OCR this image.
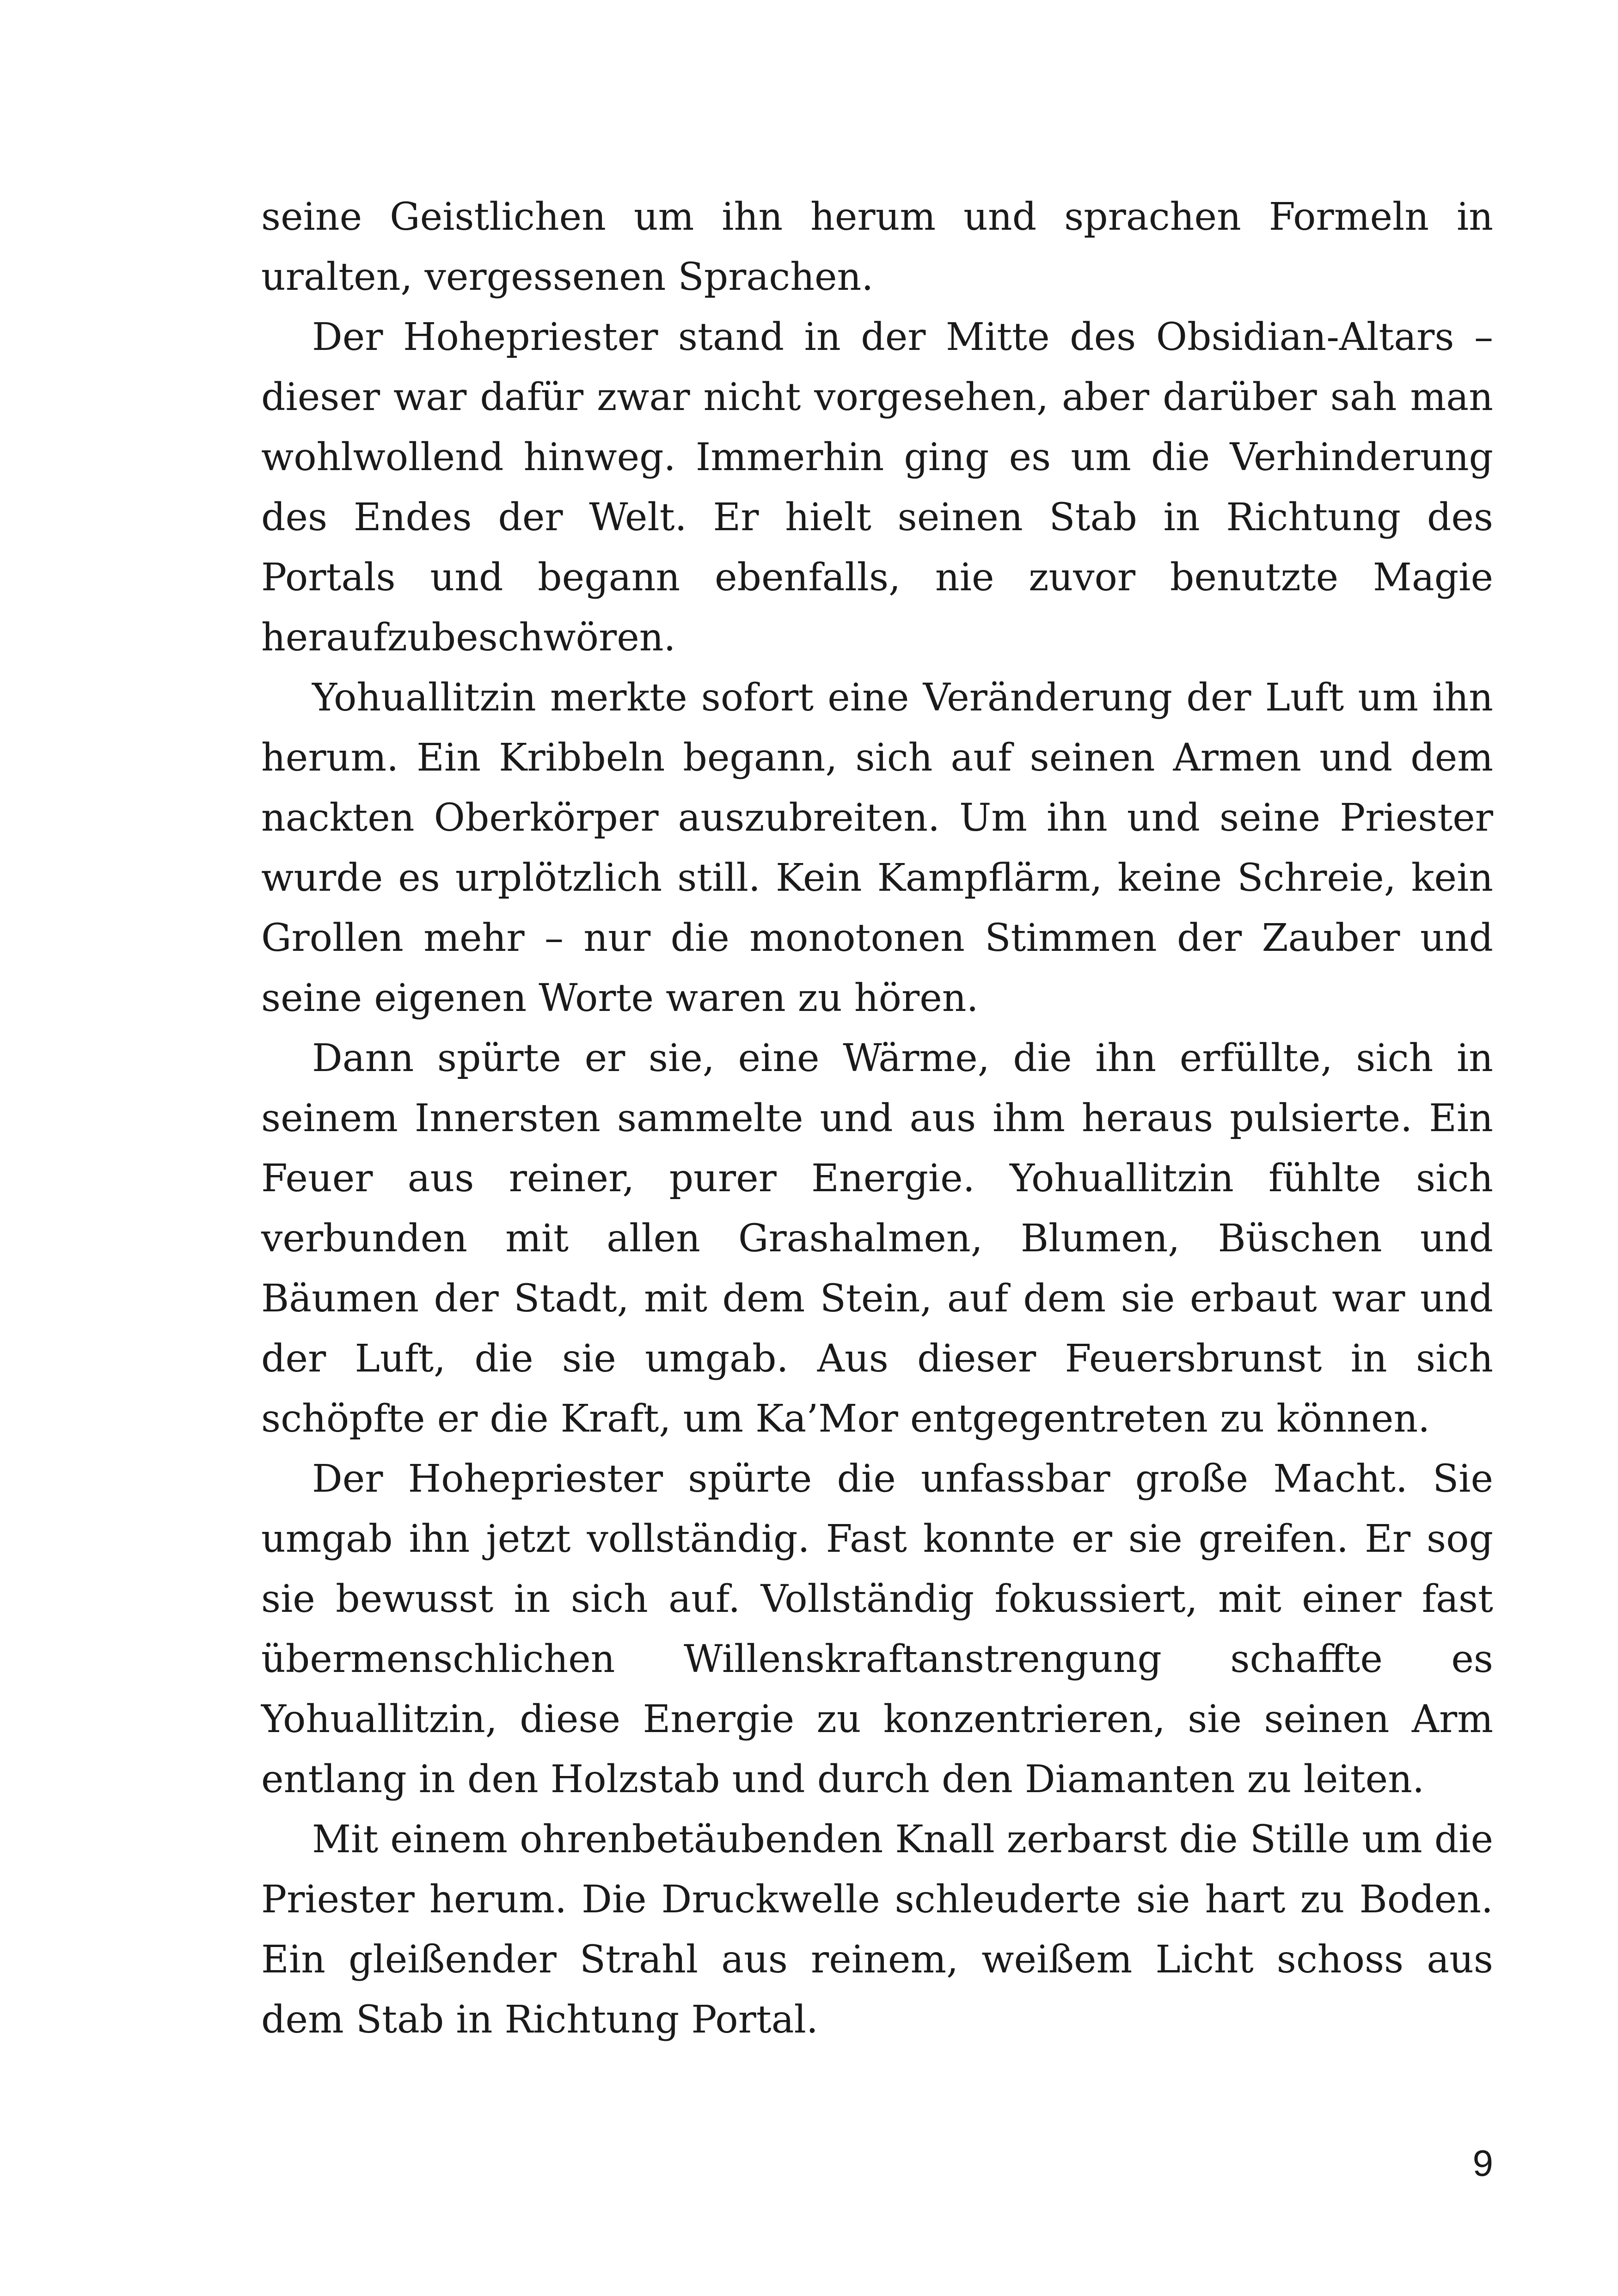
seine Geistlichen um ihn herum und sprachen Formeln in uralten, vergessenen Sprachen.

Der Hohepriester stand in der Mitte des Obsidian-Altars – dieser war dafür zwar nicht vorgesehen, aber darüber sah man wohlwollend hinweg. Immerhin ging es um die Verhinderung des Endes der Welt. Er hielt seinen Stab in Richtung des Portals und begann ebenfalls, nie zuvor benutzte Magie heraufzubeschwören.

Yohuallitzin merkte sofort eine Veränderung der Luft um ihn herum. Ein Kribbeln begann, sich auf seinen Armen und dem nackten Oberkörper auszubreiten. Um ihn und seine Priester wurde es urplötzlich still. Kein Kampflärm, keine Schreie, kein Grollen mehr – nur die monotonen Stimmen der Zauber und seine eigenen Worte waren zu hören.

Dann spürte er sie, eine Wärme, die ihn erfüllte, sich in seinem Innersten sammelte und aus ihm heraus pulsierte. Ein Feuer aus reiner, purer Energie. Yohuallitzin fühlte sich verbunden mit allen Grashalmen, Blumen, Büschen und Bäumen der Stadt, mit dem Stein, auf dem sie erbaut war und der Luft, die sie umgab. Aus dieser Feuersbrunst in sich schöpfte er die Kraft, um Ka’Mor entgegentreten zu können.

Der Hohepriester spürte die unfassbar große Macht. Sie umgab ihn jetzt vollständig. Fast konnte er sie greifen. Er sog sie bewusst in sich auf. Vollständig fokussiert, mit einer fast übermenschlichen Willenskraftanstrengung schaffte es Yohuallitzin, diese Energie zu konzentrieren, sie seinen Arm entlang in den Holzstab und durch den Diamanten zu leiten.

Mit einem ohrenbetäubenden Knall zerbarst die Stille um die Priester herum. Die Druckwelle schleuderte sie hart zu Boden. Ein gleißender Strahl aus reinem, weißem Licht schoss aus dem Stab in Richtung Portal.

9
